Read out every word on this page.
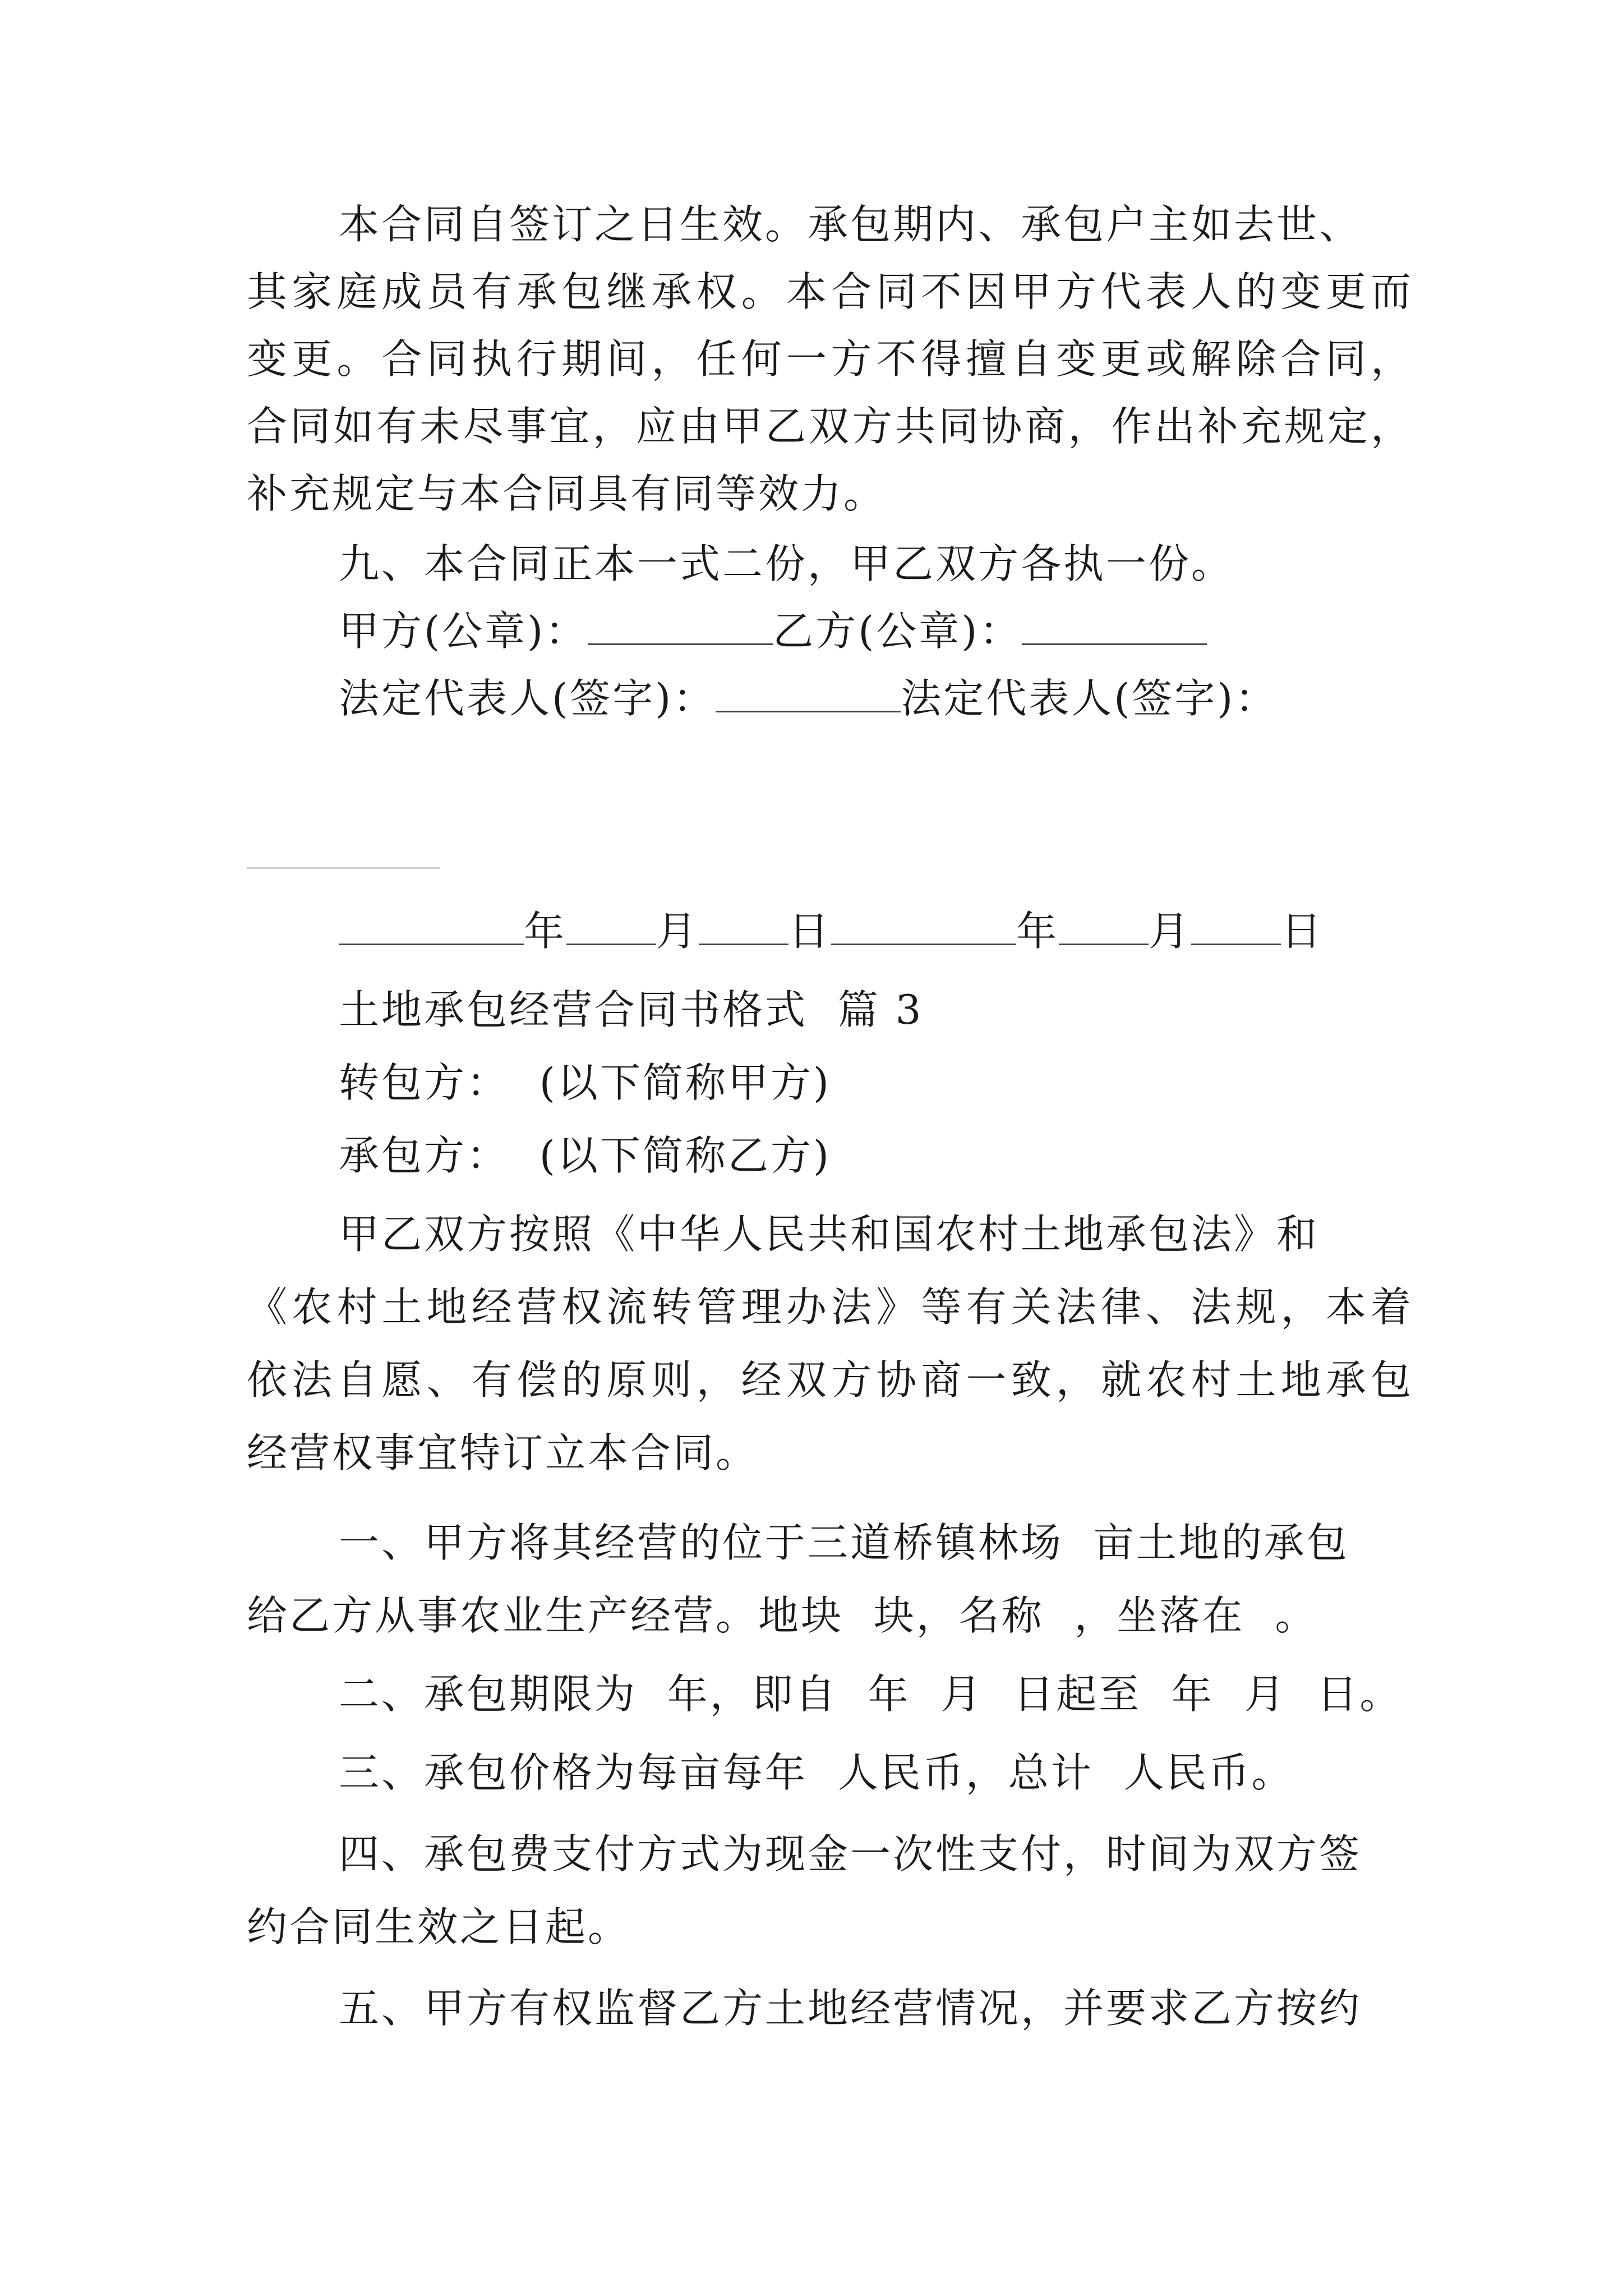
本合同自签订之日生效。承包期内、承包户主如去世、
其家庭成员有承包继承权。本合同不因甲方代表人的变更而
变更。合同执行期间，任何一方不得擅自变更或解除合同，
合同如有未尽事宜，应由甲乙双方共同协商，作出补充规定，
补充规定与本合同具有同等效力。
九、本合同正本一式二份，甲乙双方各执一份。
甲方(公章)：	乙方(公章)：
法定代表人(签字)：	法定代表人(签字)：
年 月 日	年 月 日
土地承包经营合同书格式  篇 3
转包方：  (以下简称甲方)
承包方：  (以下简称乙方)
甲乙双方按照《中华人民共和国农村土地承包法》和
《农村土地经营权流转管理办法》等有关法律、法规，本着
依法自愿、有偿的原则，经双方协商一致，就农村土地承包
经营权事宜特订立本合同。
一、甲方将其经营的位于三道桥镇林场  亩土地的承包
给乙方从事农业生产经营。地块  块，名称  ，坐落在  。
二、承包期限为  年，即自  年  月  日起至  年  月  日。
三、承包价格为每亩每年  人民币，总计  人民币。
四、承包费支付方式为现金一次性支付，时间为双方签
约合同生效之日起。
五、甲方有权监督乙方土地经营情况，并要求乙方按约
